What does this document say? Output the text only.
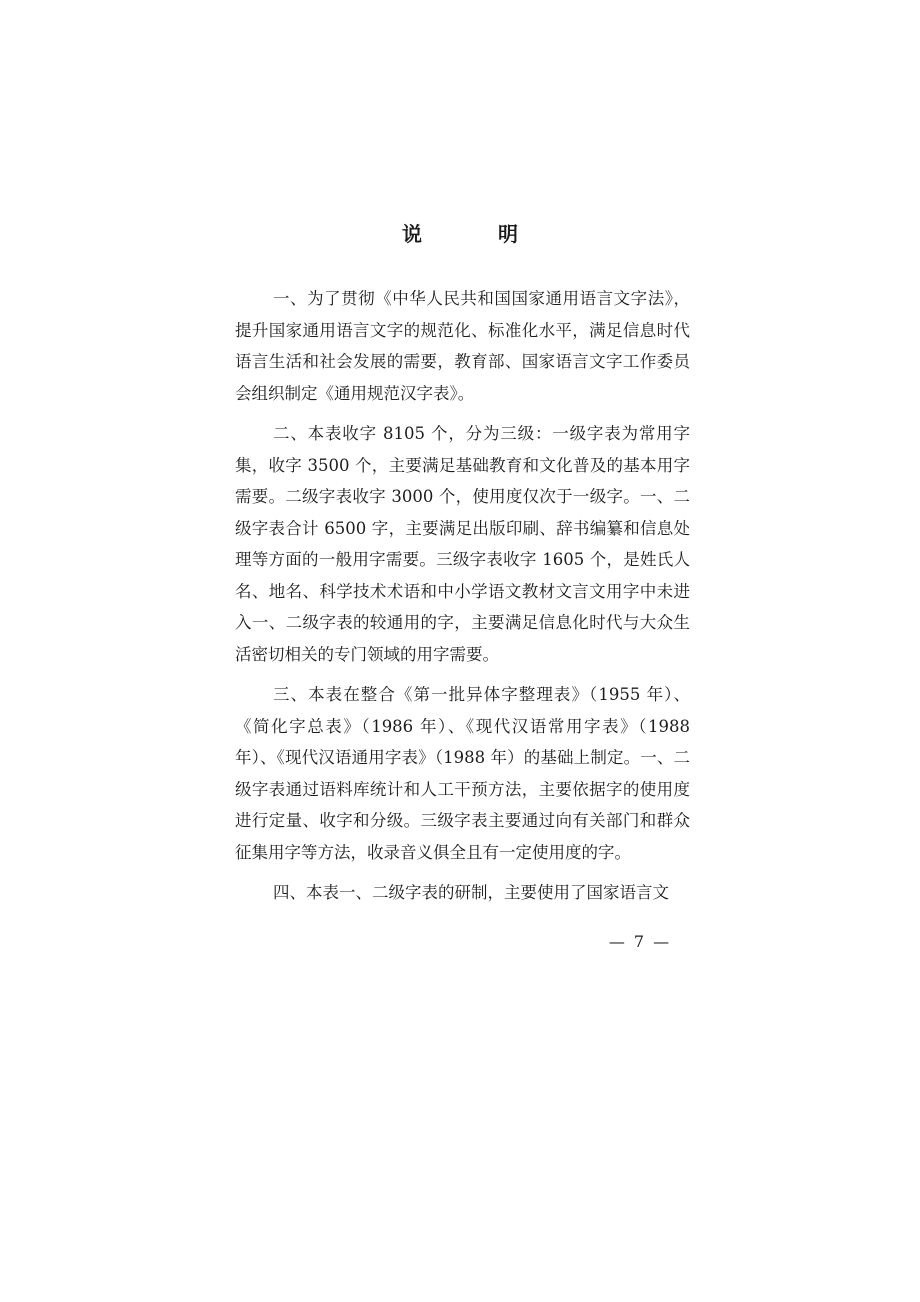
说　明

一、为了贯彻《中华人民共和国国家通用语言文字法》，提升国家通用语言文字的规范化、标准化水平，满足信息时代语言生活和社会发展的需要，教育部、国家语言文字工作委员会组织制定《通用规范汉字表》。

二、本表收字 8105 个，分为三级：一级字表为常用字集，收字 3500 个，主要满足基础教育和文化普及的基本用字需要。二级字表收字 3000 个，使用度仅次于一级字。一、二级字表合计 6500 字，主要满足出版印刷、辞书编纂和信息处理等方面的一般用字需要。三级字表收字 1605 个，是姓氏人名、地名、科学技术术语和中小学语文教材文言文用字中未进入一、二级字表的较通用的字，主要满足信息化时代与大众生活密切相关的专门领域的用字需要。

三、本表在整合《第一批异体字整理表》（1955 年）、《简化字总表》（1986 年）、《现代汉语常用字表》（1988 年）、《现代汉语通用字表》（1988 年）的基础上制定。一、二级字表通过语料库统计和人工干预方法，主要依据字的使用度进行定量、收字和分级。三级字表主要通过向有关部门和群众征集用字等方法，收录音义俱全且有一定使用度的字。

四、本表一、二级字表的研制，主要使用了国家语言文

— 7 —
